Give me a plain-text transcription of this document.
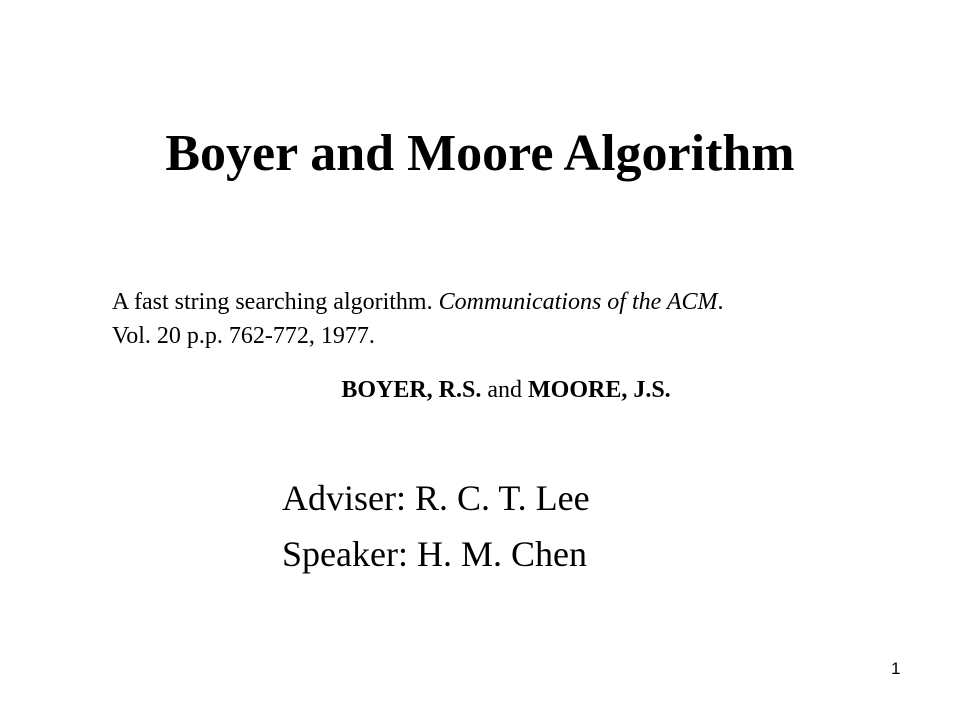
Boyer and Moore Algorithm
A fast string searching algorithm. Communications of the ACM.
Vol. 20 p.p. 762-772, 1977.
BOYER, R.S. and MOORE, J.S.
Adviser: R. C. T. Lee
Speaker: H. M. Chen
1
